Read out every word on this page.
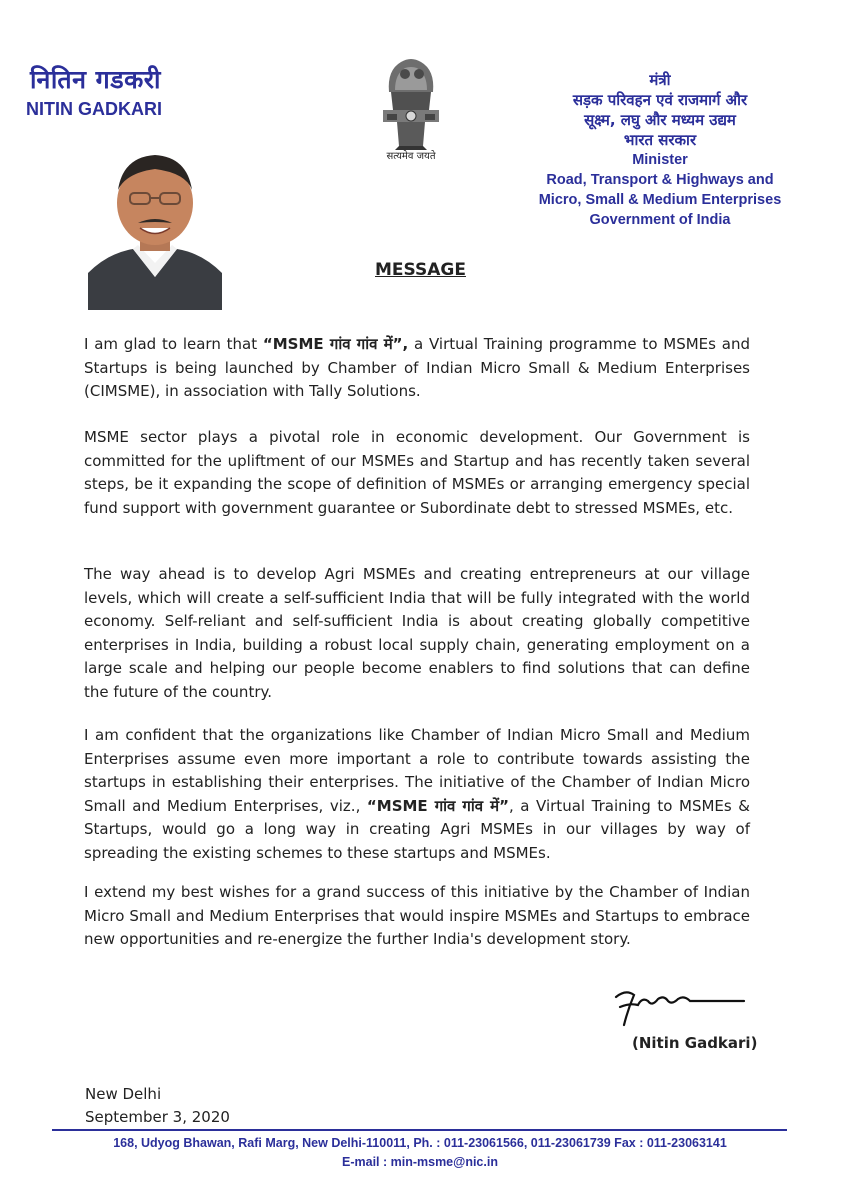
नितिन गडकरी
NITIN GADKARI
सत्यमेव जयते
मंत्री
सड़क परिवहन एवं राजमार्ग और
सूक्ष्म, लघु और मध्यम उद्यम
भारत सरकार
Minister
Road, Transport & Highways and
Micro, Small & Medium Enterprises
Government of India
MESSAGE
I am glad to learn that “MSME गांव गांव में”, a Virtual Training programme to MSMEs and Startups is being launched by Chamber of Indian Micro Small & Medium Enterprises (CIMSME), in association with Tally Solutions.
MSME sector plays a pivotal role in economic development. Our Government is committed for the upliftment of our MSMEs and Startup and has recently taken several steps, be it expanding the scope of definition of MSMEs or arranging emergency special fund support with government guarantee or Subordinate debt to stressed MSMEs, etc.
The way ahead is to develop Agri MSMEs and creating entrepreneurs at our village levels, which will create a self-sufficient India that will be fully integrated with the world economy. Self-reliant and self-sufficient India is about creating globally competitive enterprises in India, building a robust local supply chain, generating employment on a large scale and helping our people become enablers to find solutions that can define the future of the country.
I am confident that the organizations like Chamber of Indian Micro Small and Medium Enterprises assume even more important a role to contribute towards assisting the startups in establishing their enterprises. The initiative of the Chamber of Indian Micro Small and Medium Enterprises, viz., “MSME गांव गांव में”, a Virtual Training to MSMEs & Startups, would go a long way in creating Agri MSMEs in our villages by way of spreading the existing schemes to these startups and MSMEs.
I extend my best wishes for a grand success of this initiative by the Chamber of Indian Micro Small and Medium Enterprises that would inspire MSMEs and Startups to embrace new opportunities and re-energize the further India's development story.
(Nitin Gadkari)
New Delhi
September 3, 2020
168, Udyog Bhawan, Rafi Marg, New Delhi-110011, Ph. : 011-23061566, 011-23061739 Fax : 011-23063141
E-mail : min-msme@nic.in
